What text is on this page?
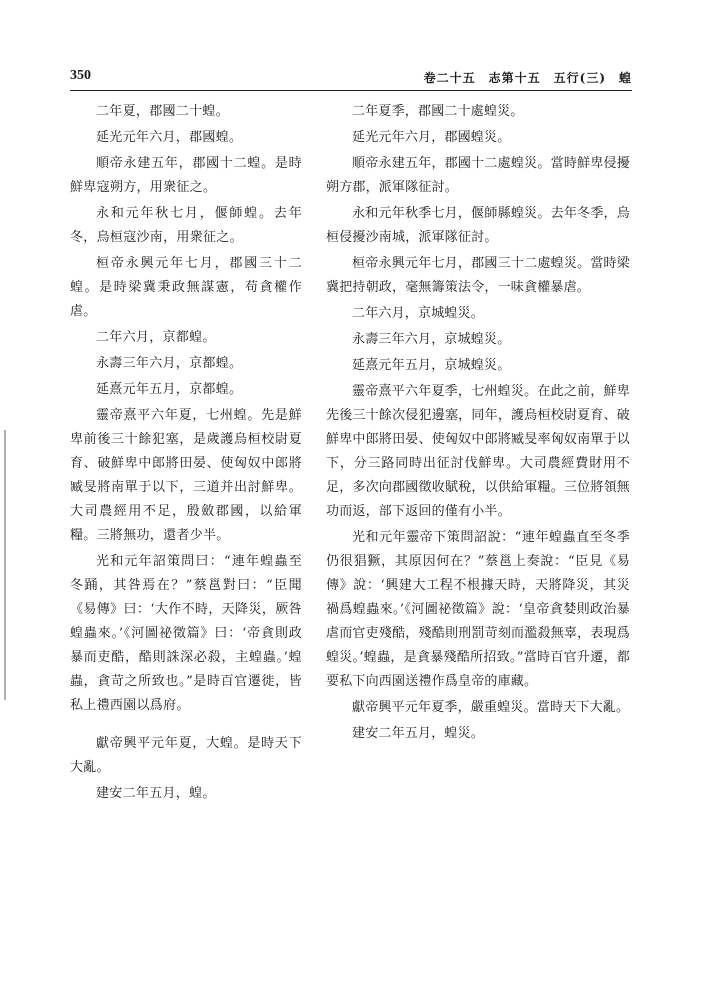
350	卷二十五　志第十五　五行(三)　蝗

二年夏，郡國二十蝗。

延光元年六月，郡國蝗。

順帝永建五年，郡國十二蝗。是時鮮卑寇朔方，用衆征之。

永和元年秋七月，偃師蝗。去年冬，烏桓寇沙南，用衆征之。

桓帝永興元年七月，郡國三十二蝗。是時梁冀秉政無謀憲，苟貪權作虐。

二年六月，京都蝗。

永壽三年六月，京都蝗。

延熹元年五月，京都蝗。

靈帝熹平六年夏，七州蝗。先是鮮卑前後三十餘犯塞，是歲護烏桓校尉夏育、破鮮卑中郎將田晏、使匈奴中郎將臧旻將南單于以下，三道并出討鮮卑。大司農經用不足，殷斂郡國，以給軍糧。三將無功，還者少半。

光和元年詔策問曰：“連年蝗蟲至冬踊，其咎焉在？”蔡邕對曰：“臣聞《易傳》曰：‘大作不時，天降災，厥咎蝗蟲來。’《河圖祕徵篇》曰：‘帝貪則政暴而吏酷，酷則誅深必殺，主蝗蟲。’蝗蟲，貪苛之所致也。”是時百官遷徙，皆私上禮西園以爲府。

獻帝興平元年夏，大蝗。是時天下大亂。

建安二年五月，蝗。

二年夏季，郡國二十處蝗災。

延光元年六月，郡國蝗災。

順帝永建五年，郡國十二處蝗災。當時鮮卑侵擾朔方郡，派軍隊征討。

永和元年秋季七月，偃師縣蝗災。去年冬季，烏桓侵擾沙南城，派軍隊征討。

桓帝永興元年七月，郡國三十二處蝗災。當時梁冀把持朝政，毫無籌策法令，一味貪權暴虐。

二年六月，京城蝗災。

永壽三年六月，京城蝗災。

延熹元年五月，京城蝗災。

靈帝熹平六年夏季，七州蝗災。在此之前，鮮卑先後三十餘次侵犯邊塞，同年，護烏桓校尉夏育、破鮮卑中郎將田晏、使匈奴中郎將臧旻率匈奴南單于以下，分三路同時出征討伐鮮卑。大司農經費財用不足，多次向郡國徵收賦稅，以供給軍糧。三位將領無功而返，部下返回的僅有小半。

光和元年靈帝下策問詔說：“連年蝗蟲直至冬季仍很猖獗，其原因何在？”蔡邕上奏說：“臣見《易傳》說：‘興建大工程不根據天時，天將降災，其災禍爲蝗蟲來。’《河圖祕徵篇》說：‘皇帝貪婪則政治暴虐而官吏殘酷，殘酷則刑罰苛刻而濫殺無辜，表現爲蝗災。’蝗蟲，是貪暴殘酷所招致。”當時百官升遷，都要私下向西園送禮作爲皇帝的庫藏。

獻帝興平元年夏季，嚴重蝗災。當時天下大亂。

建安二年五月，蝗災。
